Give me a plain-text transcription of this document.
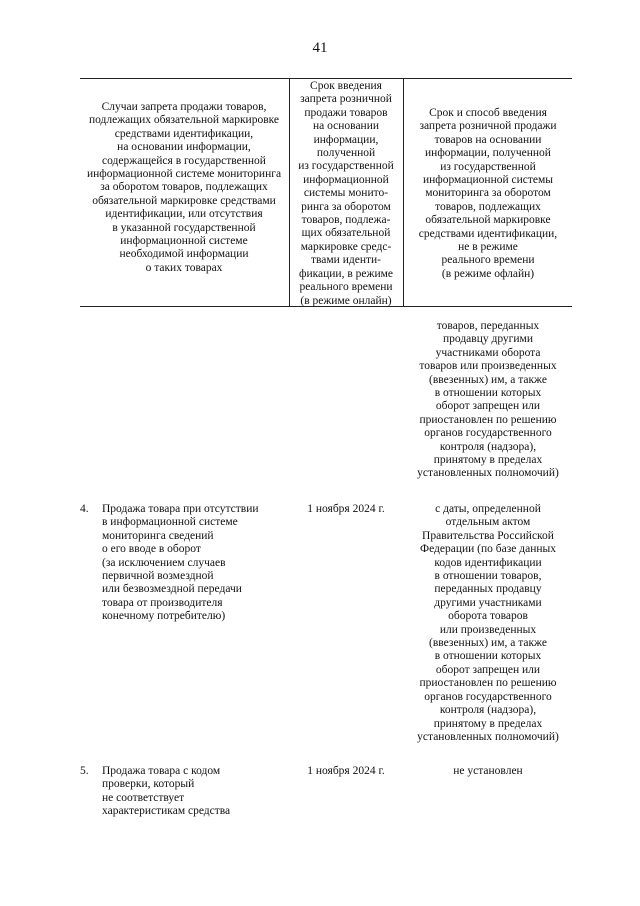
41
Случаи запрета продажи товаров,
подлежащих обязательной маркировке
средствами идентификации,
на основании информации,
содержащейся в государственной
информационной системе мониторинга
за оборотом товаров, подлежащих
обязательной маркировке средствами
идентификации, или отсутствия
в указанной государственной
информационной системе
необходимой информации
о таких товарах
Срок введения
запрета розничной
продажи товаров
на основании
информации,
полученной
из государственной
информационной
системы монито-
ринга за оборотом
товаров, подлежа-
щих обязательной
маркировке средс-
твами иденти-
фикации, в режиме
реального времени
(в режиме онлайн)
Срок и способ введения
запрета розничной продажи
товаров на основании
информации, полученной
из государственной
информационной системы
мониторинга за оборотом
товаров, подлежащих
обязательной маркировке
средствами идентификации,
не в режиме
реального времени
(в режиме офлайн)
товаров, переданных
продавцу другими
участниками оборота
товаров или произведенных
(ввезенных) им, а также
в отношении которых
оборот запрещен или
приостановлен по решению
органов государственного
контроля (надзора),
принятому в пределах
установленных полномочий)
4. Продажа товара при отсутствии
в информационной системе
мониторинга сведений
о его вводе в оборот
(за исключением случаев
первичной возмездной
или безвозмездной передачи
товара от производителя
конечному потребителю)
1 ноября 2024 г.	с даты, определенной
отдельным актом
Правительства Российской
Федерации (по базе данных
кодов идентификации
в отношении товаров,
переданных продавцу
другими участниками
оборота товаров
или произведенных
(ввезенных) им, а также
в отношении которых
оборот запрещен или
приостановлен по решению
органов государственного
контроля (надзора),
принятому в пределах
установленных полномочий)
5. Продажа товара с кодом
проверки, который
не соответствует
характеристикам средства
1 ноября 2024 г.	не установлен
